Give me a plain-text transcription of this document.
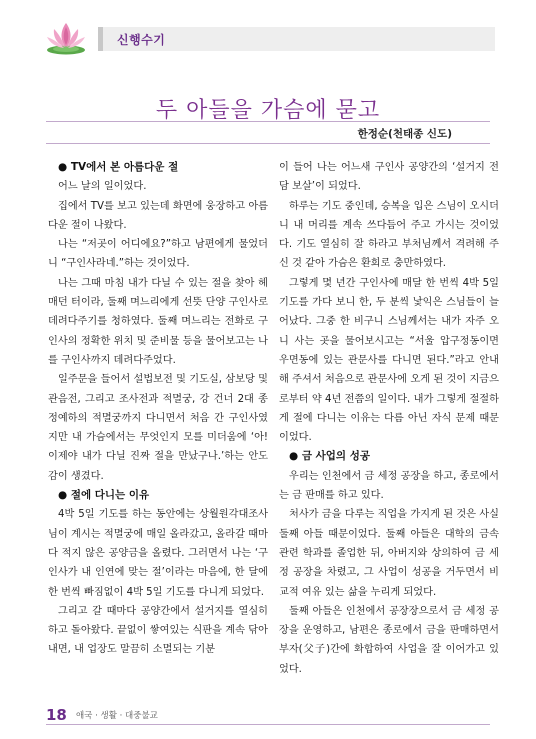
신행수기
두 아들을 가슴에 묻고
한정순(천태종 신도)
● TV에서 본 아름다운 절

어느 날의 일이었다.

집에서 TV를 보고 있는데 화면에 웅장하고 아름다운 절이 나왔다.

나는 “저곳이 어디에요?”하고 남편에게 물었더니 “구인사라네.”하는 것이었다.

나는 그때 마침 내가 다닐 수 있는 절을 찾아 헤매던 터이라, 둘째 며느리에게 선뜻 단양 구인사로 데려다주기를 청하였다. 둘째 며느리는 전화로 구인사의 정확한 위치 및 준비물 등을 물어보고는 나를 구인사까지 데려다주었다.

일주문을 들어서 설법보전 및 기도실, 삼보당 및 관음전, 그리고 조사전과 적멸궁, 강 건너 2대 종정예하의 적멸궁까지 다니면서 처음 간 구인사였지만 내 가슴에서는 무엇인지 모를 미더움에 ‘아! 이제야 내가 다닐 진짜 절을 만났구나.’하는 안도감이 생겼다.

● 절에 다니는 이유

4박 5일 기도를 하는 동안에는 상월원각대조사님이 계시는 적멸궁에 매일 올라갔고, 올라갈 때마다 적지 않은 공양금을 올렸다. 그러면서 나는 ‘구인사가 내 인연에 맞는 절’이라는 마음에, 한 달에 한 번씩 빠짐없이 4박 5일 기도를 다니게 되었다.

그리고 갈 때마다 공양간에서 설거지를 열심히 하고 돌아왔다. 끝없이 쌓여있는 식판을 계속 닦아내면, 내 업장도 말끔히 소멸되는 기분

이 들어 나는 어느새 구인사 공양간의 ‘설거지 전담 보살’이 되었다.

하루는 기도 중인데, 승복을 입은 스님이 오시더니 내 머리를 계속 쓰다듬어 주고 가시는 것이었다. 기도 열심히 잘 하라고 부처님께서 격려해 주신 것 같아 가슴은 환희로 충만하였다.

그렇게 몇 년간 구인사에 매달 한 번씩 4박 5일 기도를 가다 보니 한, 두 분씩 낯익은 스님들이 늘어났다. 그중 한 비구니 스님께서는 내가 자주 오니 사는 곳을 물어보시고는 “서울 압구정동이면 우면동에 있는 관문사를 다니면 된다.”라고 안내해 주셔서 처음으로 관문사에 오게 된 것이 지금으로부터 약 4년 전쯤의 일이다. 내가 그렇게 절절하게 절에 다니는 이유는 다름 아닌 자식 문제 때문이었다.

● 금 사업의 성공

우리는 인천에서 금 세정 공장을 하고, 종로에서는 금 판매를 하고 있다.

처사가 금을 다루는 직업을 가지게 된 것은 사실 둘째 아들 때문이었다. 둘째 아들은 대학의 금속 관련 학과를 졸업한 뒤, 아버지와 상의하여 금 세정 공장을 차렸고, 그 사업이 성공을 거두면서 비교적 여유 있는 삶을 누리게 되었다.

둘째 아들은 인천에서 공장장으로서 금 세정 공장을 운영하고, 남편은 종로에서 금을 판매하면서 부자(父子)간에 화합하여 사업을 잘 이어가고 있었다.

18 애국 · 생활 · 대중불교
